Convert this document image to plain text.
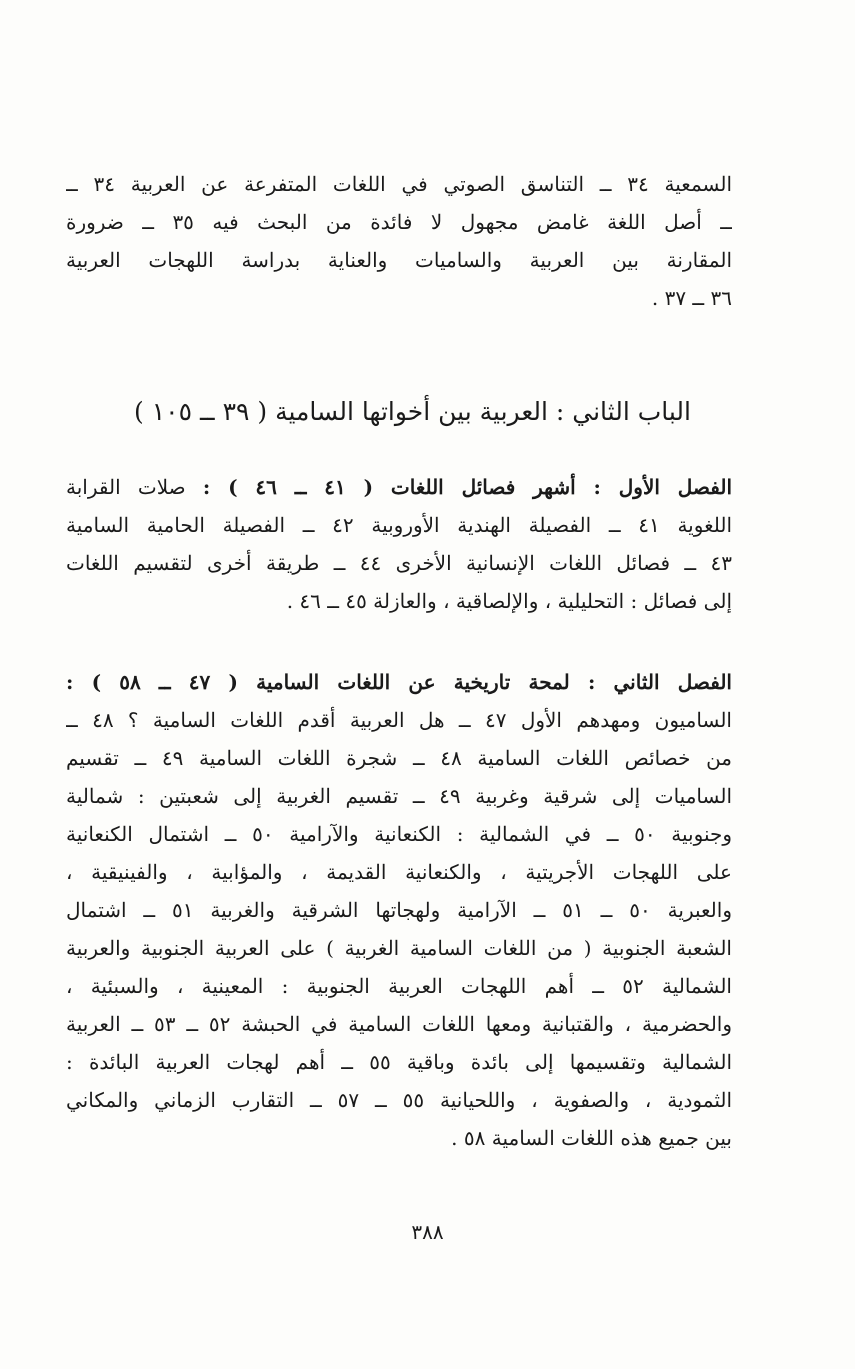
السمعية ٣٤ ــ التناسق الصوتي في اللغات المتفرعة عن العربية ٣٤ ــ
ــ أصل اللغة غامض مجهول لا فائدة من البحث فيه ٣٥ ــ ضرورة
المقارنة بين العربية والساميات والعناية بدراسة اللهجات العربية
٣٦ ــ ٣٧ .
الباب الثاني : العربية بين أخواتها السامية ( ٣٩ ــ ١٠٥ )
الفصل الأول : أشهر فصائل اللغات ( ٤١ ــ ٤٦ ) : صلات القرابة
اللغوية ٤١ ــ الفصيلة الهندية الأوروبية ٤٢ ــ الفصيلة الحامية السامية
٤٣ ــ فصائل اللغات الإنسانية الأخرى ٤٤ ــ طريقة أخرى لتقسيم اللغات
إلى فصائل : التحليلية ، والإلصاقية ، والعازلة ٤٥ ــ ٤٦ .
الفصل الثاني : لمحة تاريخية عن اللغات السامية ( ٤٧ ــ ٥٨ ) :
الساميون ومهدهم الأول ٤٧ ــ هل العربية أقدم اللغات السامية ؟ ٤٨ ــ
من خصائص اللغات السامية ٤٨ ــ شجرة اللغات السامية ٤٩ ــ تقسيم
الساميات إلى شرقية وغربية ٤٩ ــ تقسيم الغربية إلى شعبتين : شمالية
وجنوبية ٥٠ ــ في الشمالية : الكنعانية والآرامية ٥٠ ــ اشتمال الكنعانية
على اللهجات الأجريتية ، والكنعانية القديمة ، والمؤابية ، والفينيقية ،
والعبرية ٥٠ ــ ٥١ ــ الآرامية ولهجاتها الشرقية والغربية ٥١ ــ اشتمال
الشعبة الجنوبية ( من اللغات السامية الغربية ) على العربية الجنوبية والعربية
الشمالية ٥٢ ــ أهم اللهجات العربية الجنوبية : المعينية ، والسبئية ،
والحضرمية ، والقتبانية ومعها اللغات السامية في الحبشة ٥٢ ــ ٥٣ ــ العربية
الشمالية وتقسيمها إلى بائدة وباقية ٥٥ ــ أهم لهجات العربية البائدة :
الثمودية ، والصفوية ، واللحيانية ٥٥ ــ ٥٧ ــ التقارب الزماني والمكاني
بين جميع هذه اللغات السامية ٥٨ .
٣٨٨
